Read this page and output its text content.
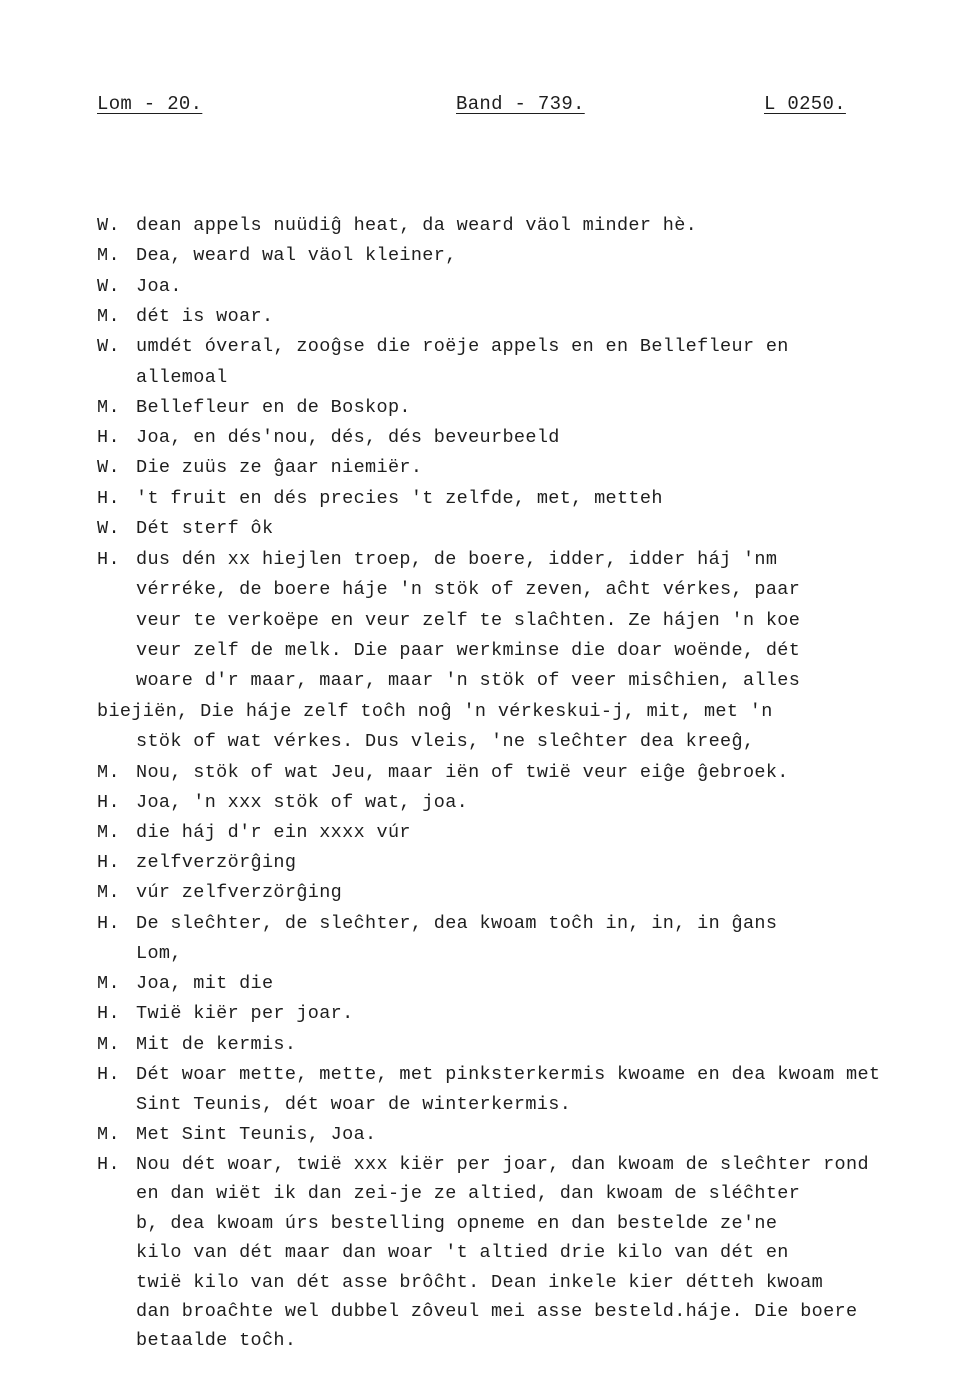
Lom - 20.	Band - 739.	L 0250.
W. dean appels nuüdiĝ heat, da weard väol minder hè.
M. Dea, weard wal väol kleiner,
W. Joa.
M. dét is woar.
W. umdét óveral, zooĝse die roëje appels en en Bellefleur en
allemoal
M. Bellefleur en de Boskop.
H. Joa, en dés'nou, dés, dés beveurbeeld
W. Die zuüs ze ĝaar niemiër.
H. 't fruit en dés precies 't zelfde, met, metteh
W. Dét sterf ôk
H. dus dén xx hiejlen troep, de boere, idder, idder háj 'nm
vérréke, de boere háje 'n stök of zeven, aĉht vérkes, paar
veur te verkoëpe en veur zelf te slaĉhten. Ze hájen 'n koe
veur zelf de melk. Die paar werkminse die doar woënde, dét
woare d'r maar, maar, maar 'n stök of veer misĉhien, alles
biejiën, Die háje zelf toĉh noĝ 'n vérkeskui-j, mit, met 'n
stök of wat vérkes. Dus vleis, 'ne sleĉhter dea kreeĝ,
M. Nou, stök of wat Jeu, maar iën of twië veur eiĝe ĝebroek.
H. Joa, 'n xxx stök of wat, joa.
M. die háj d'r ein xxxx vúr
H. zelfverzörĝing
M. vúr zelfverzörĝing
H. De sleĉhter, de sleĉhter, dea kwoam toĉh in, in, in ĝans
Lom,
M. Joa, mit die
H. Twië kiër per joar.
M. Mit de kermis.
H. Dét woar mette, mette, met pinksterkermis kwoame en dea kwoam met
Sint Teunis, dét woar de winterkermis.
M. Met Sint Teunis, Joa.
H. Nou dét woar, twië xxx kiër per joar, dan kwoam de sleĉhter rond
en dan wiët ik dan zei-je ze altied, dan kwoam de sléĉhter
b, dea kwoam úrs bestelling opneme en dan bestelde ze'ne
kilo van dét maar dan woar 't altied drie kilo van dét en
twië kilo van dét asse brôĉht. Dean inkele kier détteh kwoam
dan broaĉhte wel dubbel zôveul mei asse besteld.háje. Die boere
betaalde toĉh.
